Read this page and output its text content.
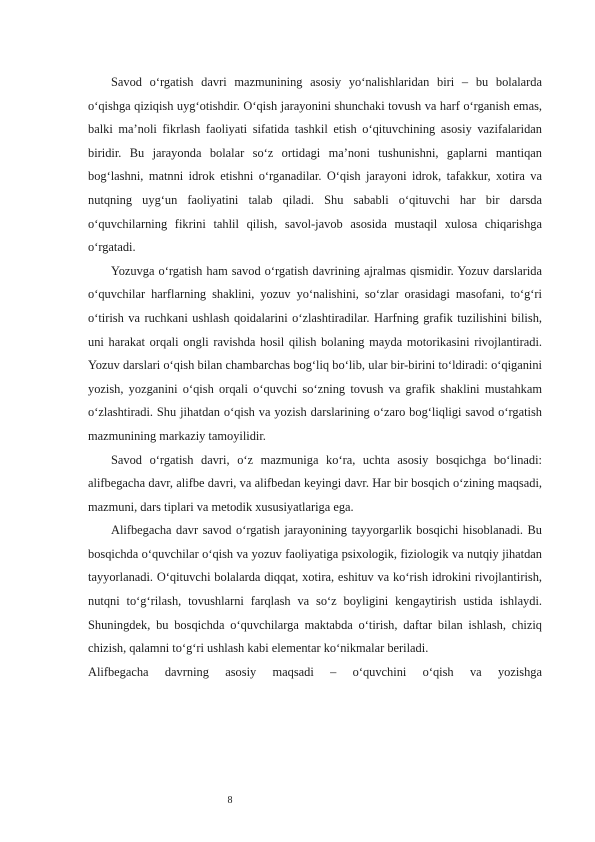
Savod o‘rgatish davri mazmunining asosiy yo‘nalishlaridan biri – bu bolalarda o‘qishga qiziqish uyg‘otishdir. O‘qish jarayonini shunchaki tovush va harf o‘rganish emas, balki ma’noli fikrlash faoliyati sifatida tashkil etish o‘qituvchining asosiy vazifalaridan biridir. Bu jarayonda bolalar so‘z ortidagi ma’noni tushunishni, gaplarni mantiqan bog‘lashni, matnni idrok etishni o‘rganadilar. O‘qish jarayoni idrok, tafakkur, xotira va nutqning uyg‘un faoliyatini talab qiladi. Shu sababli o‘qituvchi har bir darsda o‘quvchilarning fikrini tahlil qilish, savol-javob asosida mustaqil xulosa chiqarishga o‘rgatadi.

Yozuvga o‘rgatish ham savod o‘rgatish davrining ajralmas qismidir. Yozuv darslarida o‘quvchilar harflarning shaklini, yozuv yo‘nalishini, so‘zlar orasidagi masofani, to‘g‘ri o‘tirish va ruchkani ushlash qoidalarini o‘zlashtiradilar. Harfning grafik tuzilishini bilish, uni harakat orqali ongli ravishda hosil qilish bolaning mayda motorikasini rivojlantiradi. Yozuv darslari o‘qish bilan chambarchas bog‘liq bo‘lib, ular bir-birini to‘ldiradi: o‘qiganini yozish, yozganini o‘qish orqali o‘quvchi so‘zning tovush va grafik shaklini mustahkam o‘zlashtiradi. Shu jihatdan o‘qish va yozish darslarining o‘zaro bog‘liqligi savod o‘rgatish mazmunining markaziy tamoyilidir.

Savod o‘rgatish davri, o‘z mazmuniga ko‘ra, uchta asosiy bosqichga bo‘linadi: alifbegacha davr, alifbe davri, va alifbedan keyingi davr. Har bir bosqich o‘zining maqsadi, mazmuni, dars tiplari va metodik xususiyatlariga ega.

Alifbegacha davr savod o‘rgatish jarayonining tayyorgarlik bosqichi hisoblanadi. Bu bosqichda o‘quvchilar o‘qish va yozuv faoliyatiga psixologik, fiziologik va nutqiy jihatdan tayyorlanadi. O‘qituvchi bolalarda diqqat, xotira, eshituv va ko‘rish idrokini rivojlantirish, nutqni to‘g‘rilash, tovushlarni farqlash va so‘z boyligini kengaytirish ustida ishlaydi. Shuningdek, bu bosqichda o‘quvchilarga maktabda o‘tirish, daftar bilan ishlash, chiziq chizish, qalamni to‘g‘ri ushlash kabi elementar ko‘nikmalar beriladi.

Alifbegacha davrning asosiy maqsadi – o‘quvchini o‘qish va yozishga

8
